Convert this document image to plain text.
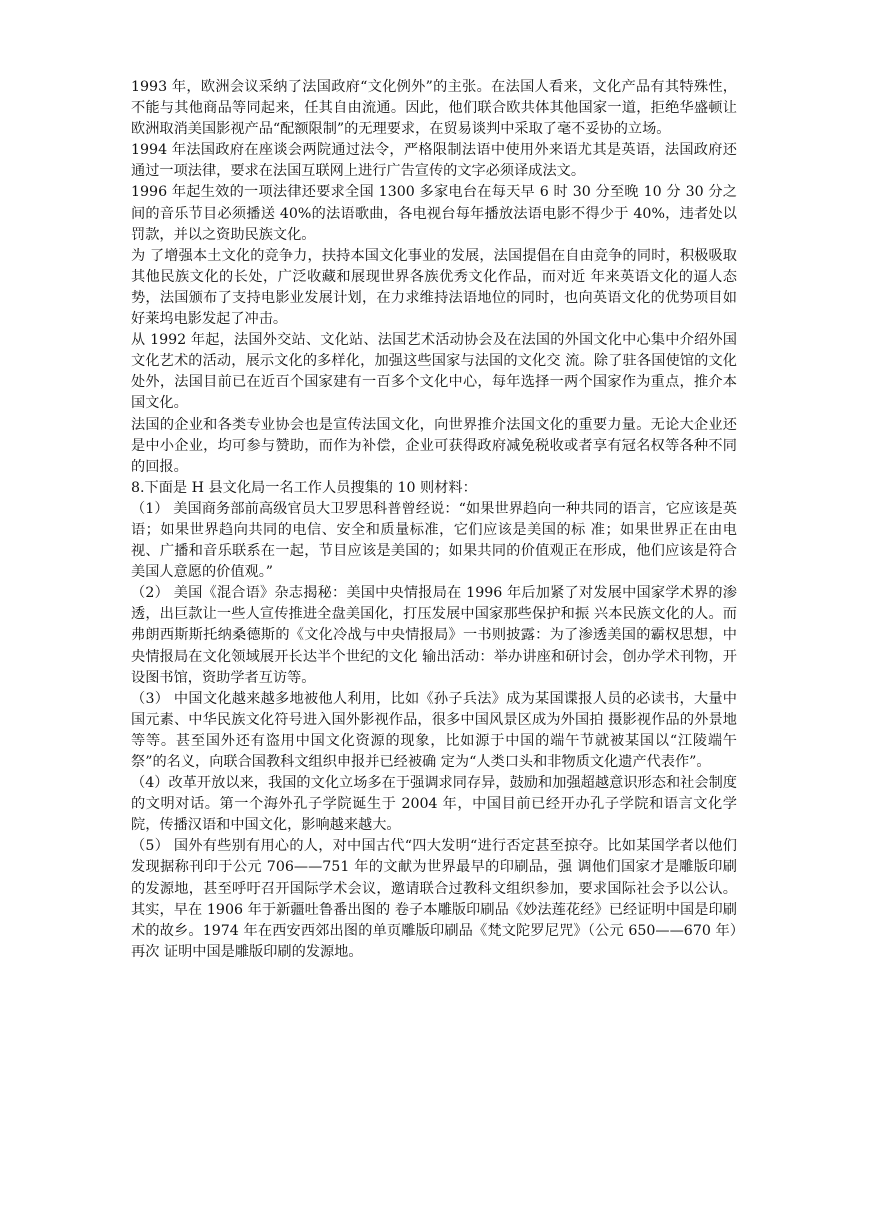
1993 年，欧洲会议采纳了法国政府“文化例外”的主张。在法国人看来，文化产品有其特殊性，不能与其他商品等同起来，任其自由流通。因此，他们联合欧共体其他国家一道，拒绝华盛顿让欧洲取消美国影视产品“配额限制”的无理要求，在贸易谈判中采取了毫不妥协的立场。

1994 年法国政府在座谈会两院通过法令，严格限制法语中使用外来语尤其是英语，法国政府还通过一项法律，要求在法国互联网上进行广告宣传的文字必须译成法文。

1996 年起生效的一项法律还要求全国 1300 多家电台在每天早 6 时 30 分至晚 10 分 30 分之间的音乐节目必须播送 40%的法语歌曲，各电视台每年播放法语电影不得少于 40%，违者处以罚款，并以之资助民族文化。

为 了增强本土文化的竞争力，扶持本国文化事业的发展，法国提倡在自由竞争的同时，积极吸取其他民族文化的长处，广泛收藏和展现世界各族优秀文化作品，而对近 年来英语文化的逼人态势，法国颁布了支持电影业发展计划，在力求维持法语地位的同时，也向英语文化的优势项目如好莱坞电影发起了冲击。

从 1992 年起，法国外交站、文化站、法国艺术活动协会及在法国的外国文化中心集中介绍外国文化艺术的活动，展示文化的多样化，加强这些国家与法国的文化交 流。除了驻各国使馆的文化处外，法国目前已在近百个国家建有一百多个文化中心，每年选择一两个国家作为重点，推介本国文化。

法国的企业和各类专业协会也是宣传法国文化，向世界推介法国文化的重要力量。无论大企业还是中小企业，均可参与赞助，而作为补偿，企业可获得政府减免税收或者享有冠名权等各种不同的回报。

8.下面是 H 县文化局一名工作人员搜集的 10 则材料：

（1） 美国商务部前高级官员大卫罗思科普曾经说：“如果世界趋向一种共同的语言，它应该是英语；如果世界趋向共同的电信、安全和质量标准，它们应该是美国的标 准；如果世界正在由电视、广播和音乐联系在一起，节目应该是美国的；如果共同的价值观正在形成，他们应该是符合美国人意愿的价值观。”

（2） 美国《混合语》杂志揭秘：美国中央情报局在 1996 年后加紧了对发展中国家学术界的渗透，出巨款让一些人宣传推进全盘美国化，打压发展中国家那些保护和振 兴本民族文化的人。而弗朗西斯斯托纳桑德斯的《文化冷战与中央情报局》一书则披露：为了渗透美国的霸权思想，中央情报局在文化领域展开长达半个世纪的文化 输出活动：举办讲座和研讨会，创办学术刊物，开设图书馆，资助学者互访等。

（3） 中国文化越来越多地被他人利用，比如《孙子兵法》成为某国谍报人员的必读书，大量中国元素、中华民族文化符号进入国外影视作品，很多中国风景区成为外国拍 摄影视作品的外景地等等。甚至国外还有盗用中国文化资源的现象，比如源于中国的端午节就被某国以“江陵端午祭”的名义，向联合国教科文组织申报并已经被确 定为“人类口头和非物质文化遗产代表作”。

（4）改革开放以来，我国的文化立场多在于强调求同存异，鼓励和加强超越意识形态和社会制度的文明对话。第一个海外孔子学院诞生于 2004 年，中国目前已经开办孔子学院和语言文化学院，传播汉语和中国文化，影响越来越大。

（5） 国外有些别有用心的人，对中国古代“四大发明“进行否定甚至掠夺。比如某国学者以他们发现据称刊印于公元 706——751 年的文献为世界最早的印刷品，强 调他们国家才是雕版印刷的发源地，甚至呼吁召开国际学术会议，邀请联合过教科文组织参加，要求国际社会予以公认。其实，早在 1906 年于新疆吐鲁番出图的 卷子本雕版印刷品《妙法莲花经》已经证明中国是印刷术的故乡。1974 年在西安西郊出图的单页雕版印刷品《梵文陀罗尼咒》（公元 650——670 年）再次 证明中国是雕版印刷的发源地。
